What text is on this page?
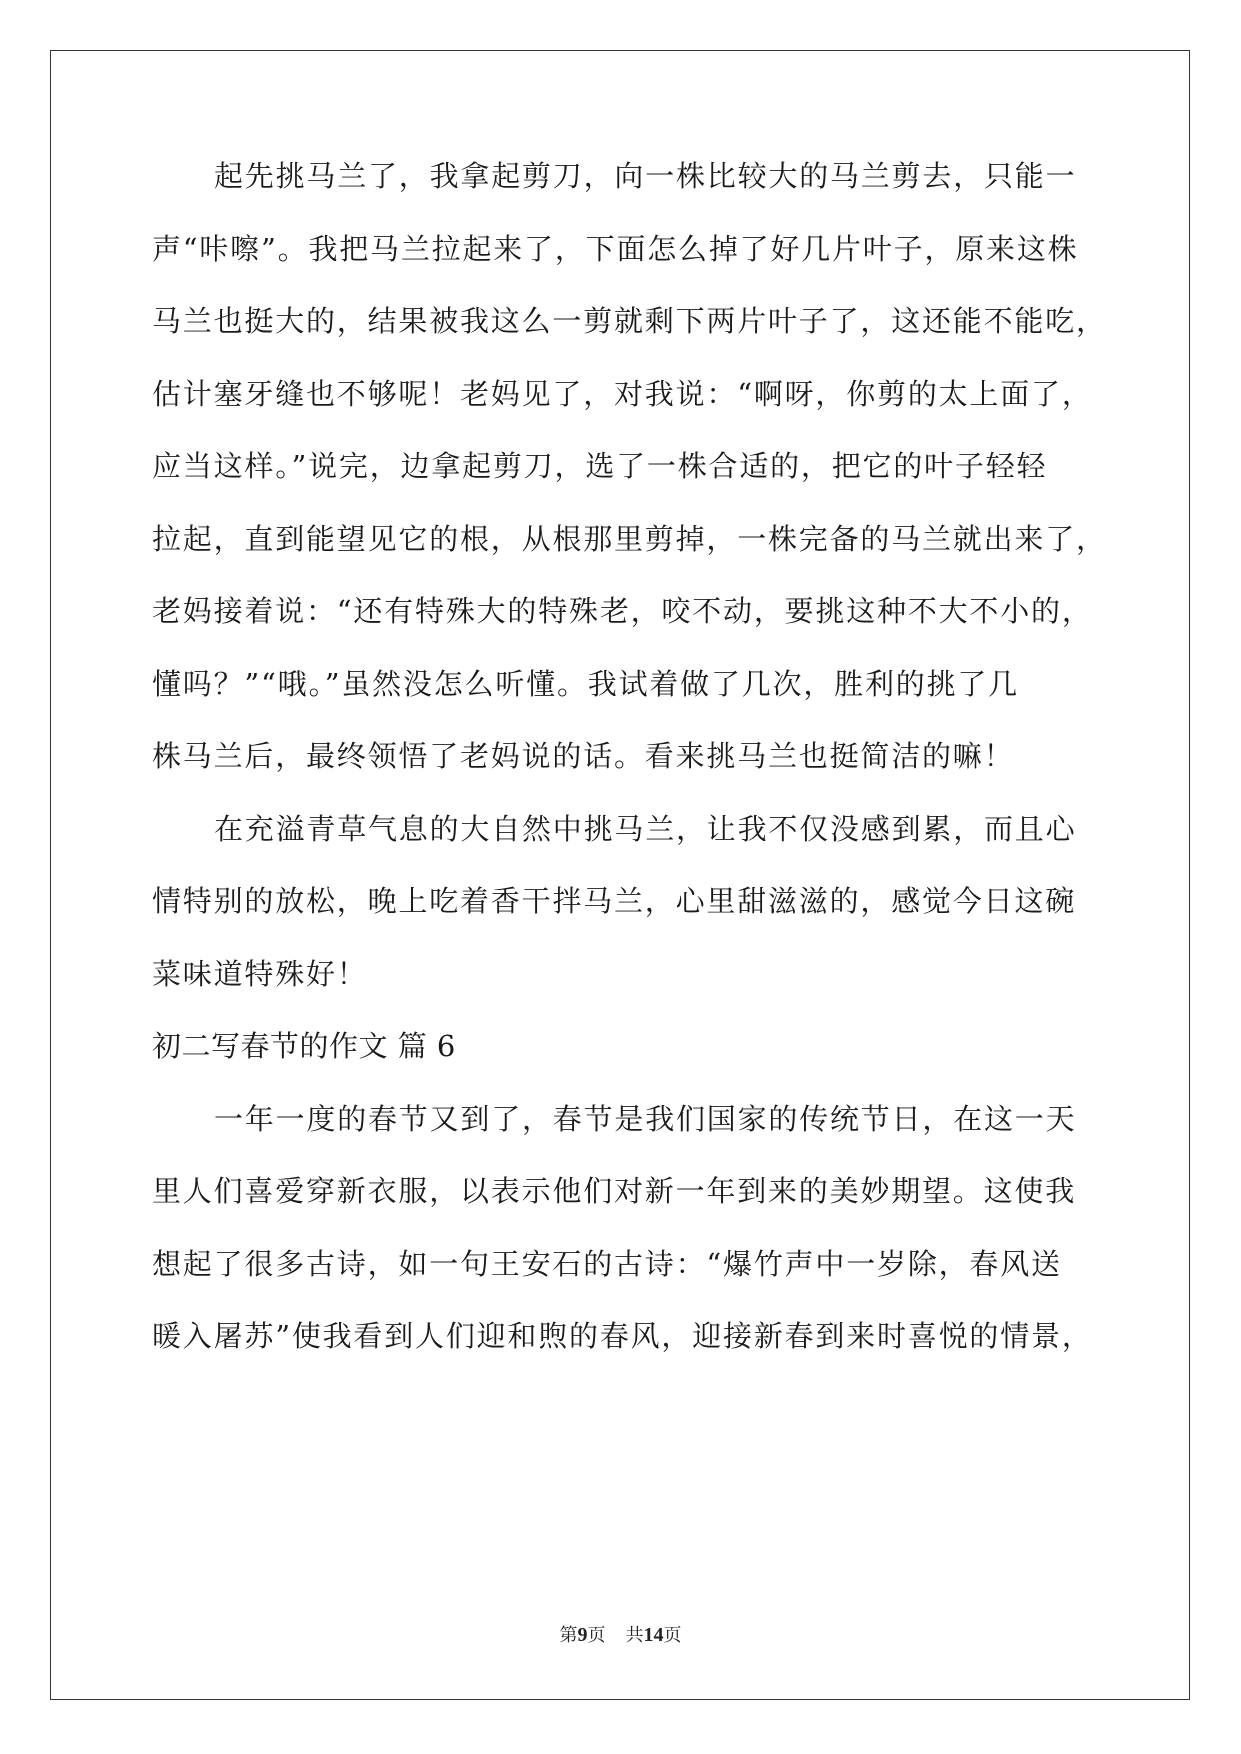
起先挑马兰了，我拿起剪刀，向一株比较大的马兰剪去，只能一
声“咔嚓”。我把马兰拉起来了，下面怎么掉了好几片叶子，原来这株
马兰也挺大的，结果被我这么一剪就剩下两片叶子了，这还能不能吃，
估计塞牙缝也不够呢！老妈见了，对我说：“啊呀，你剪的太上面了，
应当这样。”说完，边拿起剪刀，选了一株合适的，把它的叶子轻轻
拉起，直到能望见它的根，从根那里剪掉，一株完备的马兰就出来了，
老妈接着说：“还有特殊大的特殊老，咬不动，要挑这种不大不小的，
懂吗？”“哦。”虽然没怎么听懂。我试着做了几次，胜利的挑了几
株马兰后，最终领悟了老妈说的话。看来挑马兰也挺简洁的嘛！
在充溢青草气息的大自然中挑马兰，让我不仅没感到累，而且心
情特别的放松，晚上吃着香干拌马兰，心里甜滋滋的，感觉今日这碗
菜味道特殊好！
初二写春节的作文 篇 6
一年一度的春节又到了，春节是我们国家的传统节日，在这一天
里人们喜爱穿新衣服，以表示他们对新一年到来的美妙期望。这使我
想起了很多古诗，如一句王安石的古诗：“爆竹声中一岁除，春风送
暖入屠苏”使我看到人们迎和煦的春风，迎接新春到来时喜悦的情景，
第9页 共14页
